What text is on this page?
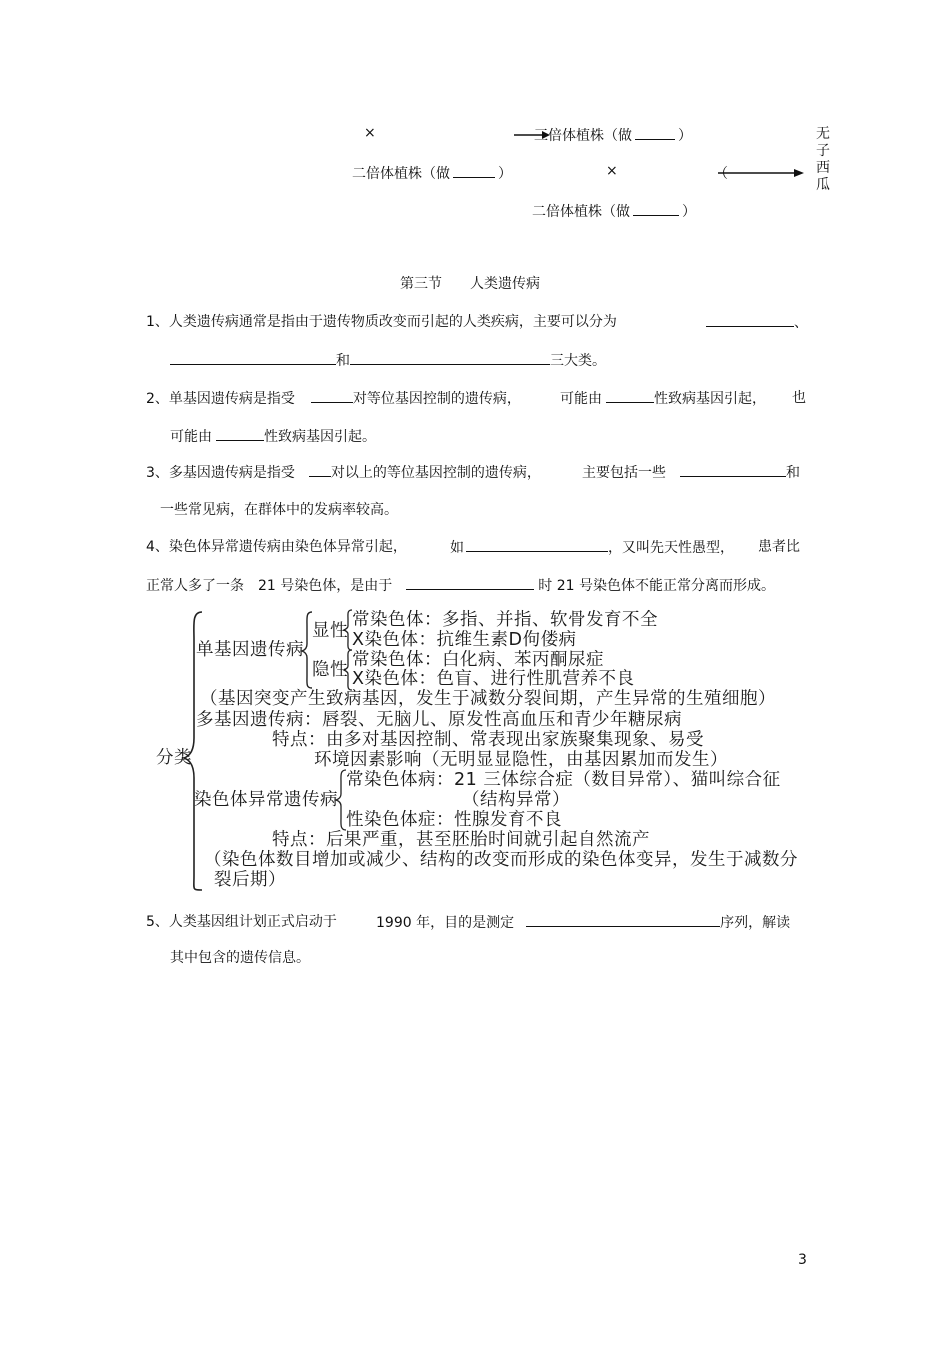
×	三倍体植株（做	）
二倍体植株（做	）	×	（
无
子
西
瓜
二倍体植株（做	）
第三节　　人类遗传病
1、人类遗传病通常是指由于遗传物质改变而引起的人类疾病，主要可以分为	、
和	三大类。
2、单基因遗传病是指受	对等位基因控制的遗传病，	可能由	性致病基因引起， 也
可能由	性致病基因引起。
3、多基因遗传病是指受	对以上的等位基因控制的遗传病，	主要包括一些	和
一些常见病，在群体中的发病率较高。
4、染色体异常遗传病由染色体异常引起，	如	，又叫先天性愚型， 患者比
正常人多了一条 21 号染色体，是由于	时 21 号染色体不能正常分离而形成。
分类
单基因遗传病
显性
隐性
常染色体：多指、并指、软骨发育不全
X染色体：抗维生素D佝偻病
常染色体：白化病、苯丙酮尿症
X染色体：色盲、进行性肌营养不良
（基因突变产生致病基因，发生于减数分裂间期，产生异常的生殖细胞）
多基因遗传病：唇裂、无脑儿、原发性高血压和青少年糖尿病
特点：由多对基因控制、常表现出家族聚集现象、易受
环境因素影响（无明显显隐性，由基因累加而发生）
染色体异常遗传病
常染色体病：21 三体综合症（数目异常）、猫叫综合征
（结构异常）
性染色体症：性腺发育不良
特点：后果严重，甚至胚胎时间就引起自然流产
（染色体数目增加或减少、结构的改变而形成的染色体变异，发生于减数分
裂后期）
5、人类基因组计划正式启动于	1990 年，目的是测定	序列，解读
其中包含的遗传信息。
3
